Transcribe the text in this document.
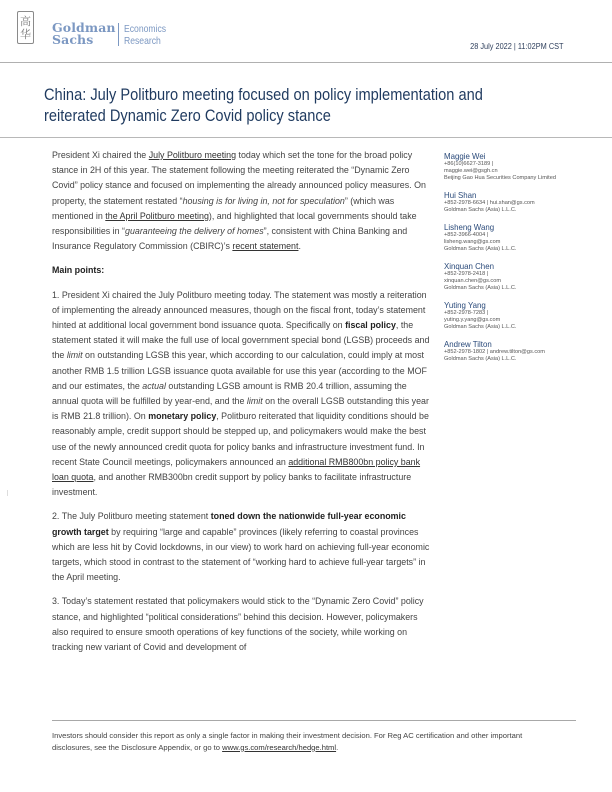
高
华 Goldman
Sachs
Economics
Research	28 July 2022 | 11:02PM CST
China: July Politburo meeting focused on policy implementation and
reiterated Dynamic Zero Covid policy stance

President Xi chaired the July Politburo meeting today which set the tone for the broad policy stance in 2H of this year. The statement following the meeting reiterated the “Dynamic Zero Covid” policy stance and focused on implementing the already announced policy measures. On property, the statement restated “housing is for living in, not for speculation” (which was mentioned in the April Politburo meeting), and highlighted that local governments should take responsibilities in “guaranteeing the delivery of homes”, consistent with China Banking and Insurance Regulatory Commission (CBIRC)’s recent statement.

Main points:

1. President Xi chaired the July Politburo meeting today. The statement was mostly a reiteration of implementing the already announced measures, though on the fiscal front, today’s statement hinted at additional local government bond issuance quota. Specifically on fiscal policy, the statement stated it will make the full use of local government special bond (LGSB) proceeds and the limit on outstanding LGSB this year, which according to our calculation, could imply at most another RMB 1.5 trillion LGSB issuance quota available for use this year (according to the MOF and our estimates, the actual outstanding LGSB amount is RMB 20.4 trillion, assuming the annual quota will be fulfilled by year-end, and the limit on the overall LGSB outstanding this year is RMB 21.8 trillion). On monetary policy, Politburo reiterated that liquidity conditions should be reasonably ample, credit support should be stepped up, and policymakers would make the best use of the newly announced credit quota for policy banks and infrastructure investment fund. In recent State Council meetings, policymakers announced an additional RMB800bn policy bank loan quota, and another RMB300bn credit support by policy banks to facilitate infrastructure investment.

2. The July Politburo meeting statement toned down the nationwide full-year economic growth target by requiring “large and capable” provinces (likely referring to coastal provinces which are less hit by Covid lockdowns, in our view) to work hard on achieving full-year economic targets, which stood in contrast to the statement of “working hard to achieve full-year targets” in the April meeting.

3. Today’s statement restated that policymakers would stick to the “Dynamic Zero Covid” policy stance, and highlighted “political considerations” behind this decision. However, policymakers also required to ensure smooth operations of key functions of the society, while working on tracking new variant of Covid and development of

Maggie Wei
+86(10)6627-3189 |
maggie.wei@gsgh.cn
Beijing Gao Hua Securities Company Limited
Hui Shan
+852-2978-6634 | hui.shan@gs.com
Goldman Sachs (Asia) L.L.C.
Lisheng Wang
+852-3966-4004 |
lisheng.wang@gs.com
Goldman Sachs (Asia) L.L.C.
Xinquan Chen
+852-2978-2418 |
xinquan.chen@gs.com
Goldman Sachs (Asia) L.L.C.
Yuting Yang
+852-2978-7283 |
yuting.y.yang@gs.com
Goldman Sachs (Asia) L.L.C.
Andrew Tilton
+852-2978-1802 | andrew.tilton@gs.com
Goldman Sachs (Asia) L.L.C.
Investors should consider this report as only a single factor in making their investment decision. For Reg AC certification and other important disclosures, see the Disclosure Appendix, or go to www.gs.com/research/hedge.html.
